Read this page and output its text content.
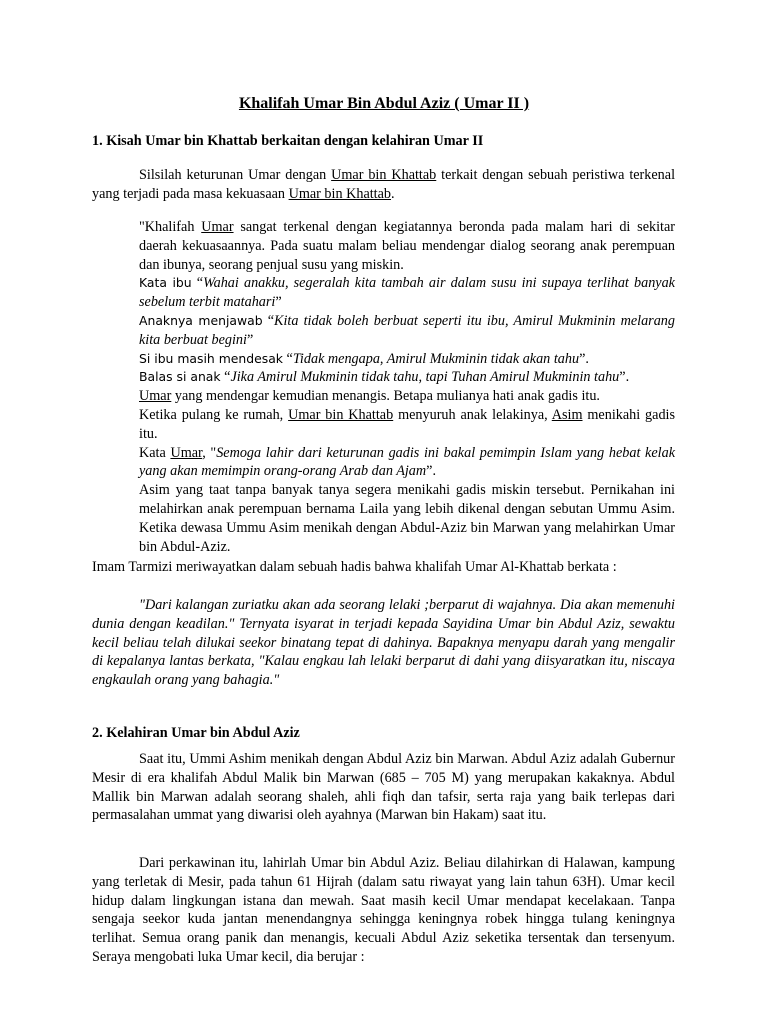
Khalifah Umar Bin Abdul Aziz ( Umar II )
1. Kisah Umar bin Khattab berkaitan dengan kelahiran Umar II
Silsilah keturunan Umar dengan Umar bin Khattab terkait dengan sebuah peristiwa terkenal yang terjadi pada masa kekuasaan Umar bin Khattab.
"Khalifah Umar sangat terkenal dengan kegiatannya beronda pada malam hari di sekitar daerah kekuasaannya. Pada suatu malam beliau mendengar dialog seorang anak perempuan dan ibunya, seorang penjual susu yang miskin.
Kata ibu “Wahai anakku, segeralah kita tambah air dalam susu ini supaya terlihat banyak sebelum terbit matahari”
Anaknya menjawab “Kita tidak boleh berbuat seperti itu ibu, Amirul Mukminin melarang kita berbuat begini”
Si ibu masih mendesak “Tidak mengapa, Amirul Mukminin tidak akan tahu”.
Balas si anak “Jika Amirul Mukminin tidak tahu, tapi Tuhan Amirul Mukminin tahu”.
Umar yang mendengar kemudian menangis. Betapa mulianya hati anak gadis itu.
Ketika pulang ke rumah, Umar bin Khattab menyuruh anak lelakinya, Asim menikahi gadis itu.
Kata Umar, "Semoga lahir dari keturunan gadis ini bakal pemimpin Islam yang hebat kelak yang akan memimpin orang-orang Arab dan Ajam”.
Asim yang taat tanpa banyak tanya segera menikahi gadis miskin tersebut. Pernikahan ini melahirkan anak perempuan bernama Laila yang lebih dikenal dengan sebutan Ummu Asim. Ketika dewasa Ummu Asim menikah dengan Abdul-Aziz bin Marwan yang melahirkan Umar bin Abdul-Aziz.
Imam Tarmizi meriwayatkan dalam sebuah hadis bahwa khalifah Umar Al-Khattab berkata :
"Dari kalangan zuriatku akan ada seorang lelaki ;berparut di wajahnya. Dia akan memenuhi dunia dengan keadilan." Ternyata isyarat in terjadi kepada Sayidina Umar bin Abdul Aziz, sewaktu kecil beliau telah dilukai seekor binatang tepat di dahinya. Bapaknya menyapu darah yang mengalir di kepalanya lantas berkata, "Kalau engkau lah lelaki berparut di dahi yang diisyaratkan itu, niscaya engkaulah orang yang bahagia."
2. Kelahiran Umar bin Abdul Aziz
Saat itu, Ummi Ashim menikah dengan Abdul Aziz bin Marwan. Abdul Aziz adalah Gubernur Mesir di era khalifah Abdul Malik bin Marwan (685 – 705 M) yang merupakan kakaknya. Abdul Mallik bin Marwan adalah seorang shaleh, ahli fiqh dan tafsir, serta raja yang baik terlepas dari permasalahan ummat yang diwarisi oleh ayahnya (Marwan bin Hakam) saat itu.
Dari perkawinan itu, lahirlah Umar bin Abdul Aziz. Beliau dilahirkan di Halawan, kampung yang terletak di Mesir, pada tahun 61 Hijrah (dalam satu riwayat yang lain tahun 63H). Umar kecil hidup dalam lingkungan istana dan mewah. Saat masih kecil Umar mendapat kecelakaan. Tanpa sengaja seekor kuda jantan menendangnya sehingga keningnya robek hingga tulang keningnya terlihat. Semua orang panik dan menangis, kecuali Abdul Aziz seketika tersentak dan tersenyum. Seraya mengobati luka Umar kecil, dia berujar :
